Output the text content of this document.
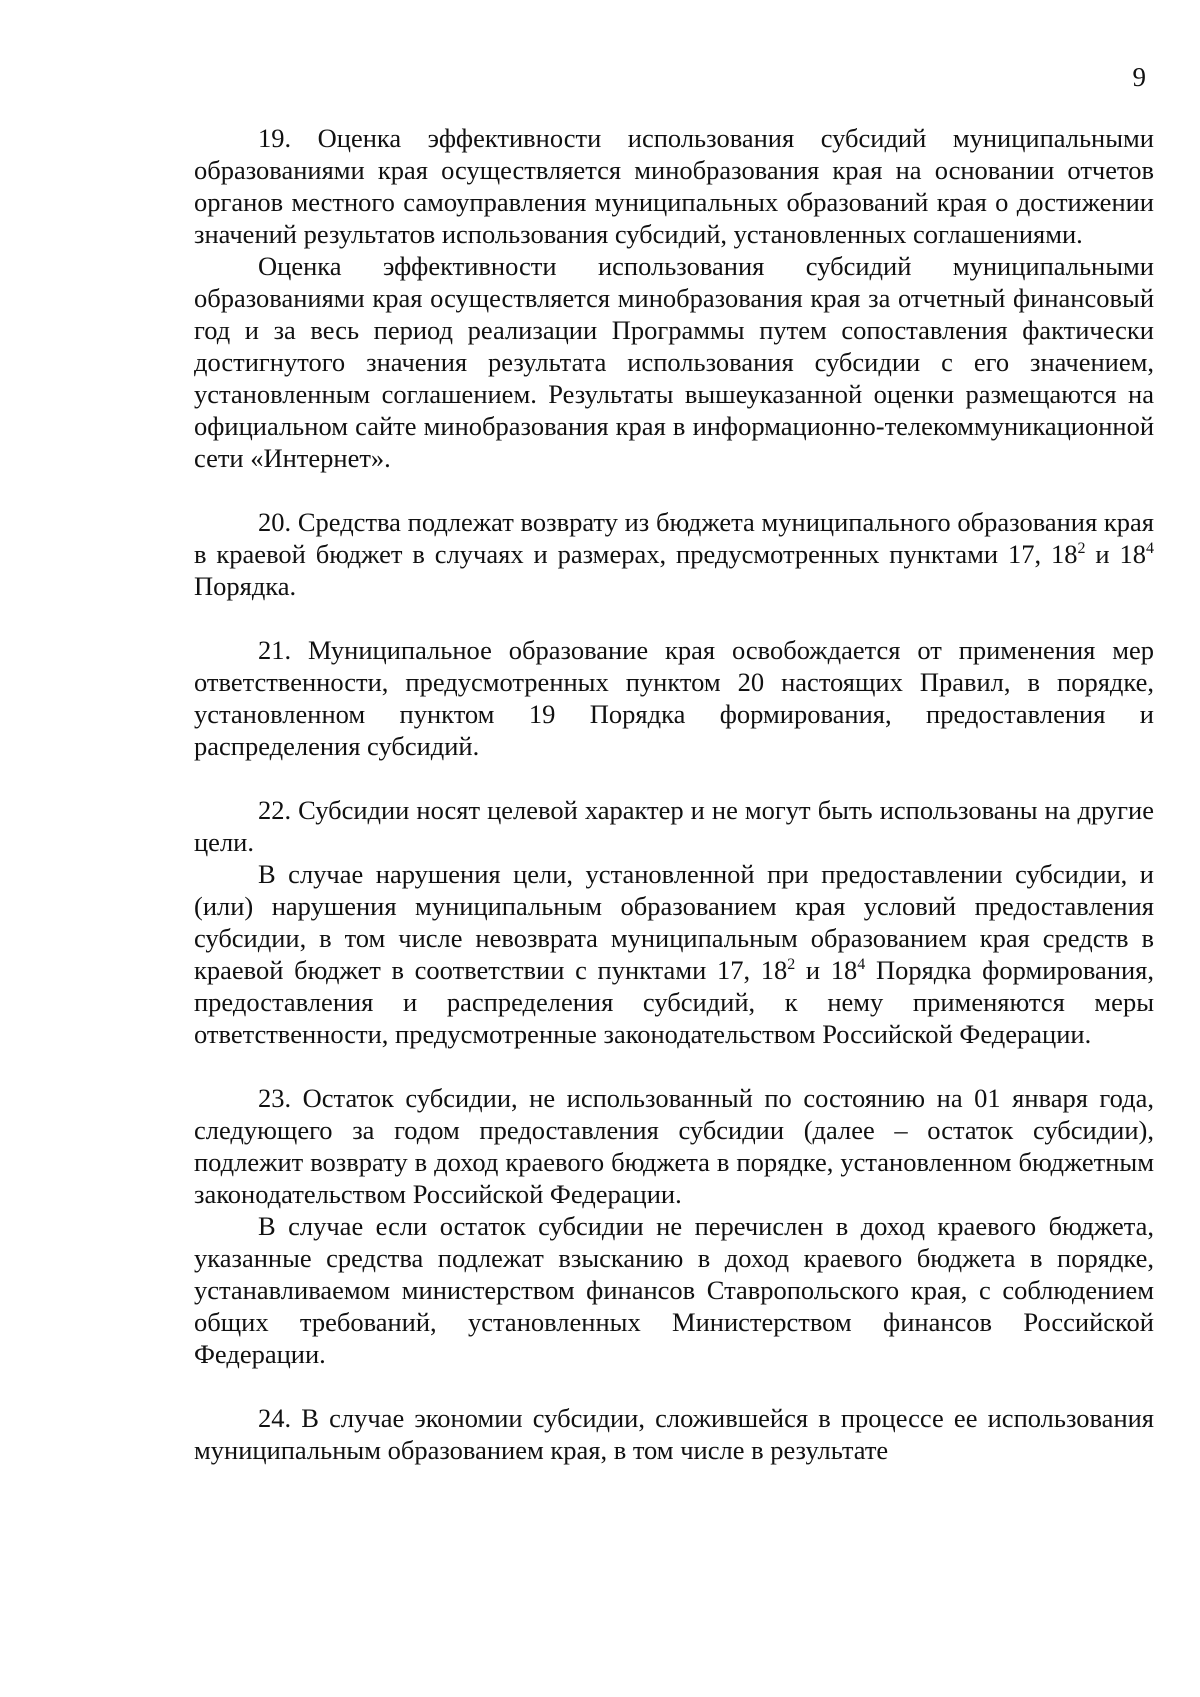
9

19. Оценка эффективности использования субсидий муниципальными образованиями края осуществляется минобразования края на основании отчетов органов местного самоуправления муниципальных образований края о достижении значений результатов использования субсидий, установленных соглашениями.

Оценка эффективности использования субсидий муниципальными образованиями края осуществляется минобразования края за отчетный финансовый год и за весь период реализации Программы путем сопоставления фактически достигнутого значения результата использования субсидии с его значением, установленным соглашением. Результаты вышеуказанной оценки размещаются на официальном сайте минобразования края в информационно-телекоммуникационной сети «Интернет».

20. Средства подлежат возврату из бюджета муниципального образования края в краевой бюджет в случаях и размерах, предусмотренных пунктами 17, $18^2$ и $18^4$ Порядка.

21. Муниципальное образование края освобождается от применения мер ответственности, предусмотренных пунктом 20 настоящих Правил, в порядке, установленном пунктом 19 Порядка формирования, предоставления и распределения субсидий.

22. Субсидии носят целевой характер и не могут быть использованы на другие цели.

В случае нарушения цели, установленной при предоставлении субсидии, и (или) нарушения муниципальным образованием края условий предоставления субсидии, в том числе невозврата муниципальным образованием края средств в краевой бюджет в соответствии с пунктами 17, $18^2$ и $18^4$ Порядка формирования, предоставления и распределения субсидий, к нему применяются меры ответственности, предусмотренные законодательством Российской Федерации.

23. Остаток субсидии, не использованный по состоянию на 01 января года, следующего за годом предоставления субсидии (далее – остаток субсидии), подлежит возврату в доход краевого бюджета в порядке, установленном бюджетным законодательством Российской Федерации.

В случае если остаток субсидии не перечислен в доход краевого бюджета, указанные средства подлежат взысканию в доход краевого бюджета в порядке, устанавливаемом министерством финансов Ставропольского края, с соблюдением общих требований, установленных Министерством финансов Российской Федерации.

24. В случае экономии субсидии, сложившейся в процессе ее использования муниципальным образованием края, в том числе в результате
